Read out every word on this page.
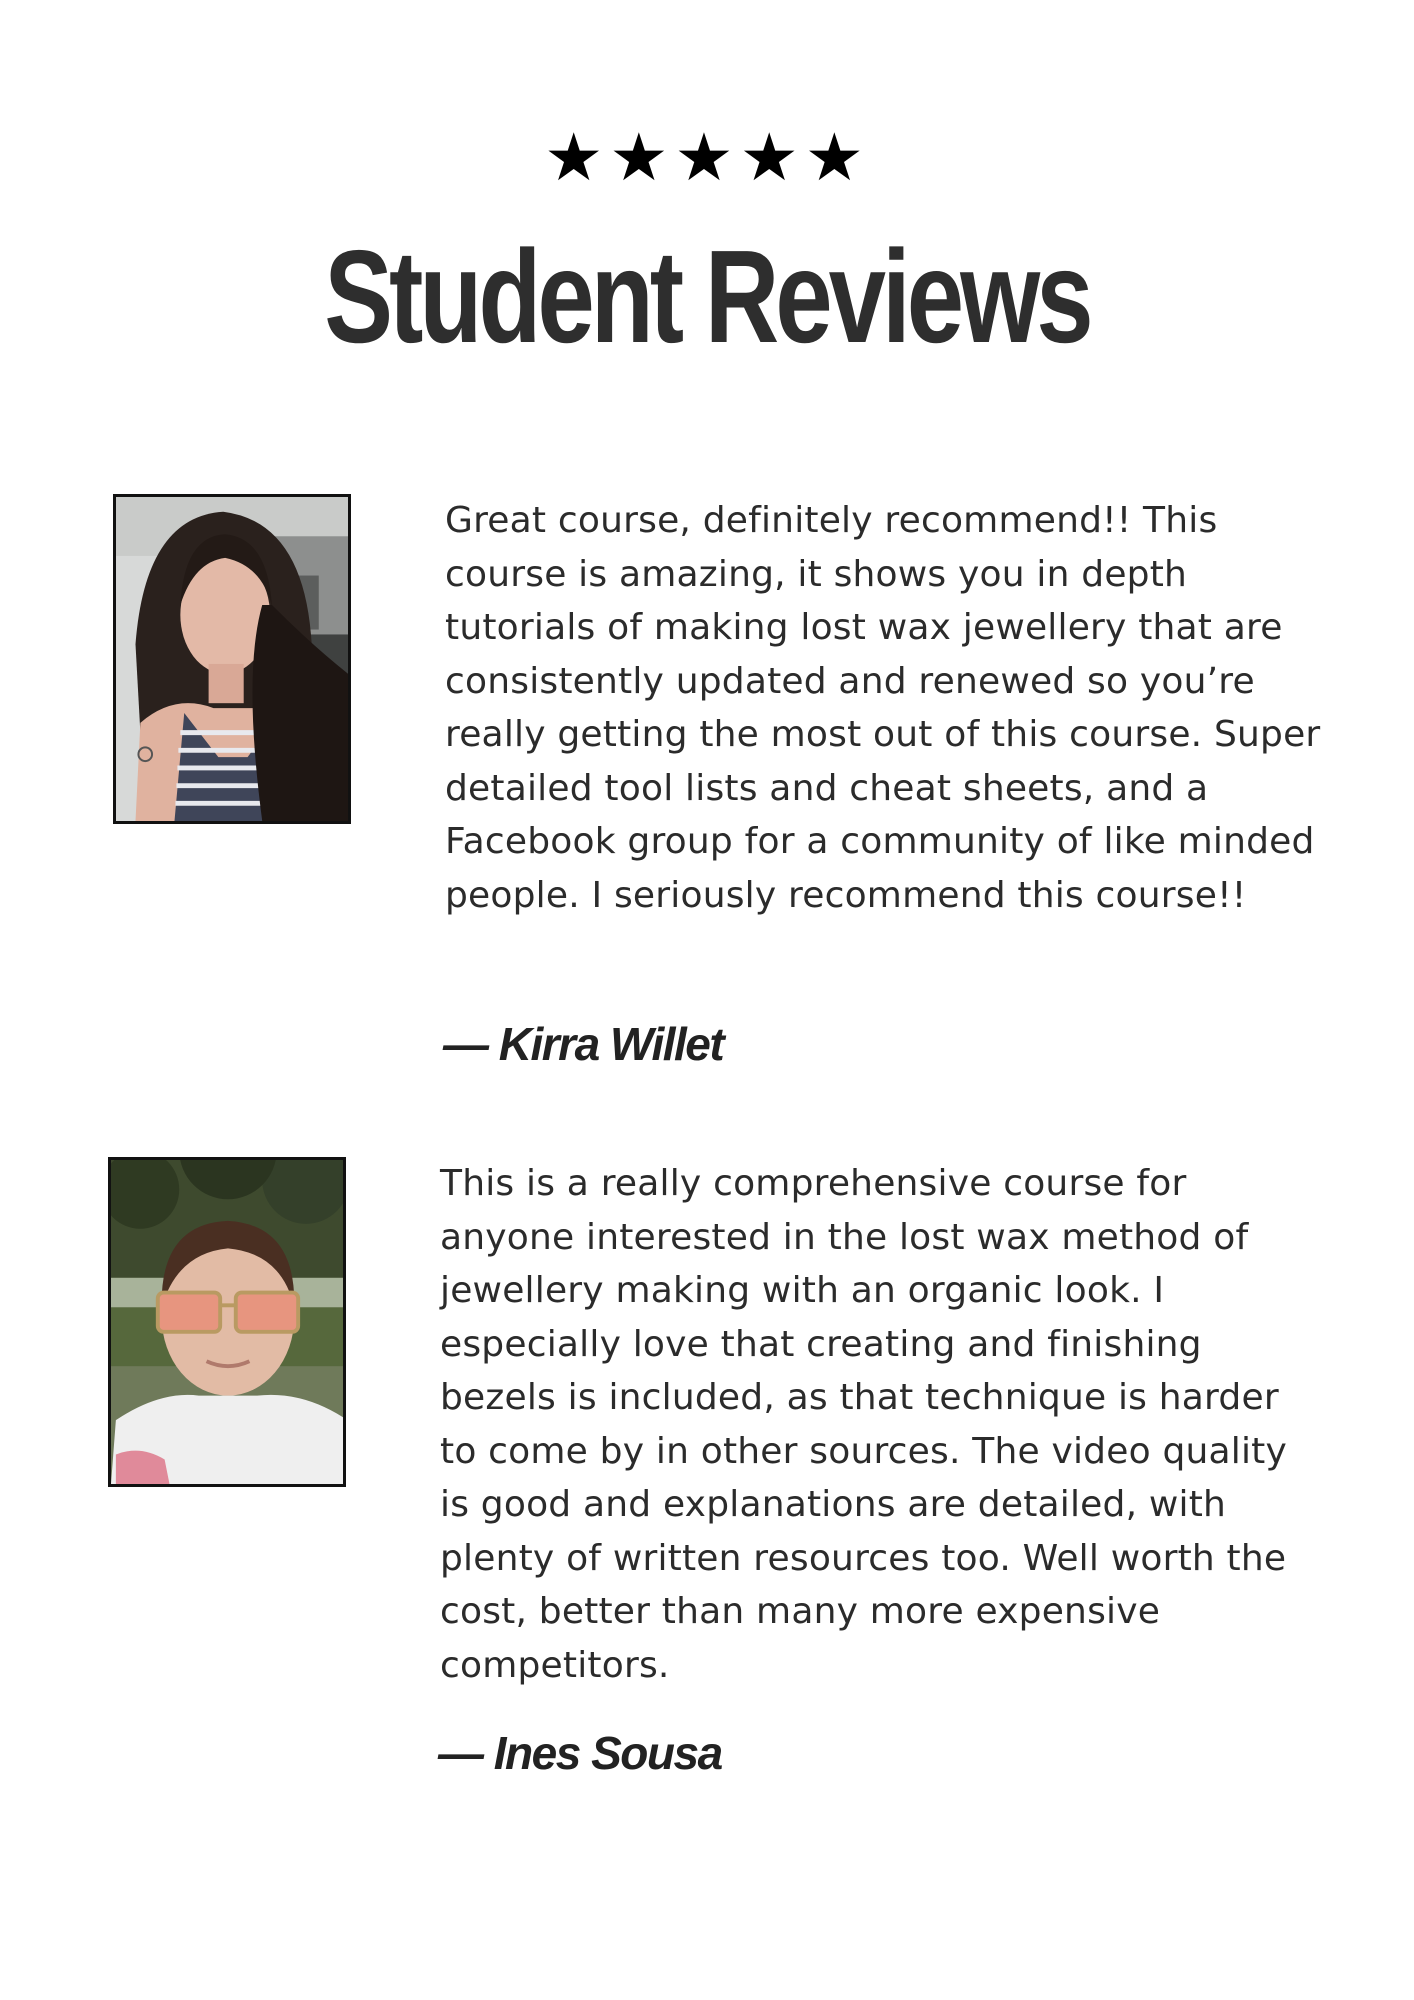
★★★★★
Student Reviews

Great course, definitely recommend!! This course is amazing, it shows you in depth tutorials of making lost wax jewellery that are consistently updated and renewed so you’re really getting the most out of this course. Super detailed tool lists and cheat sheets, and a Facebook group for a community of like minded people. I seriously recommend this course!!

— Kirra Willet

This is a really comprehensive course for anyone interested in the lost wax method of jewellery making with an organic look. I especially love that creating and finishing bezels is included, as that technique is harder to come by in other sources. The video quality is good and explanations are detailed, with plenty of written resources too. Well worth the cost, better than many more expensive competitors.

— Ines Sousa
